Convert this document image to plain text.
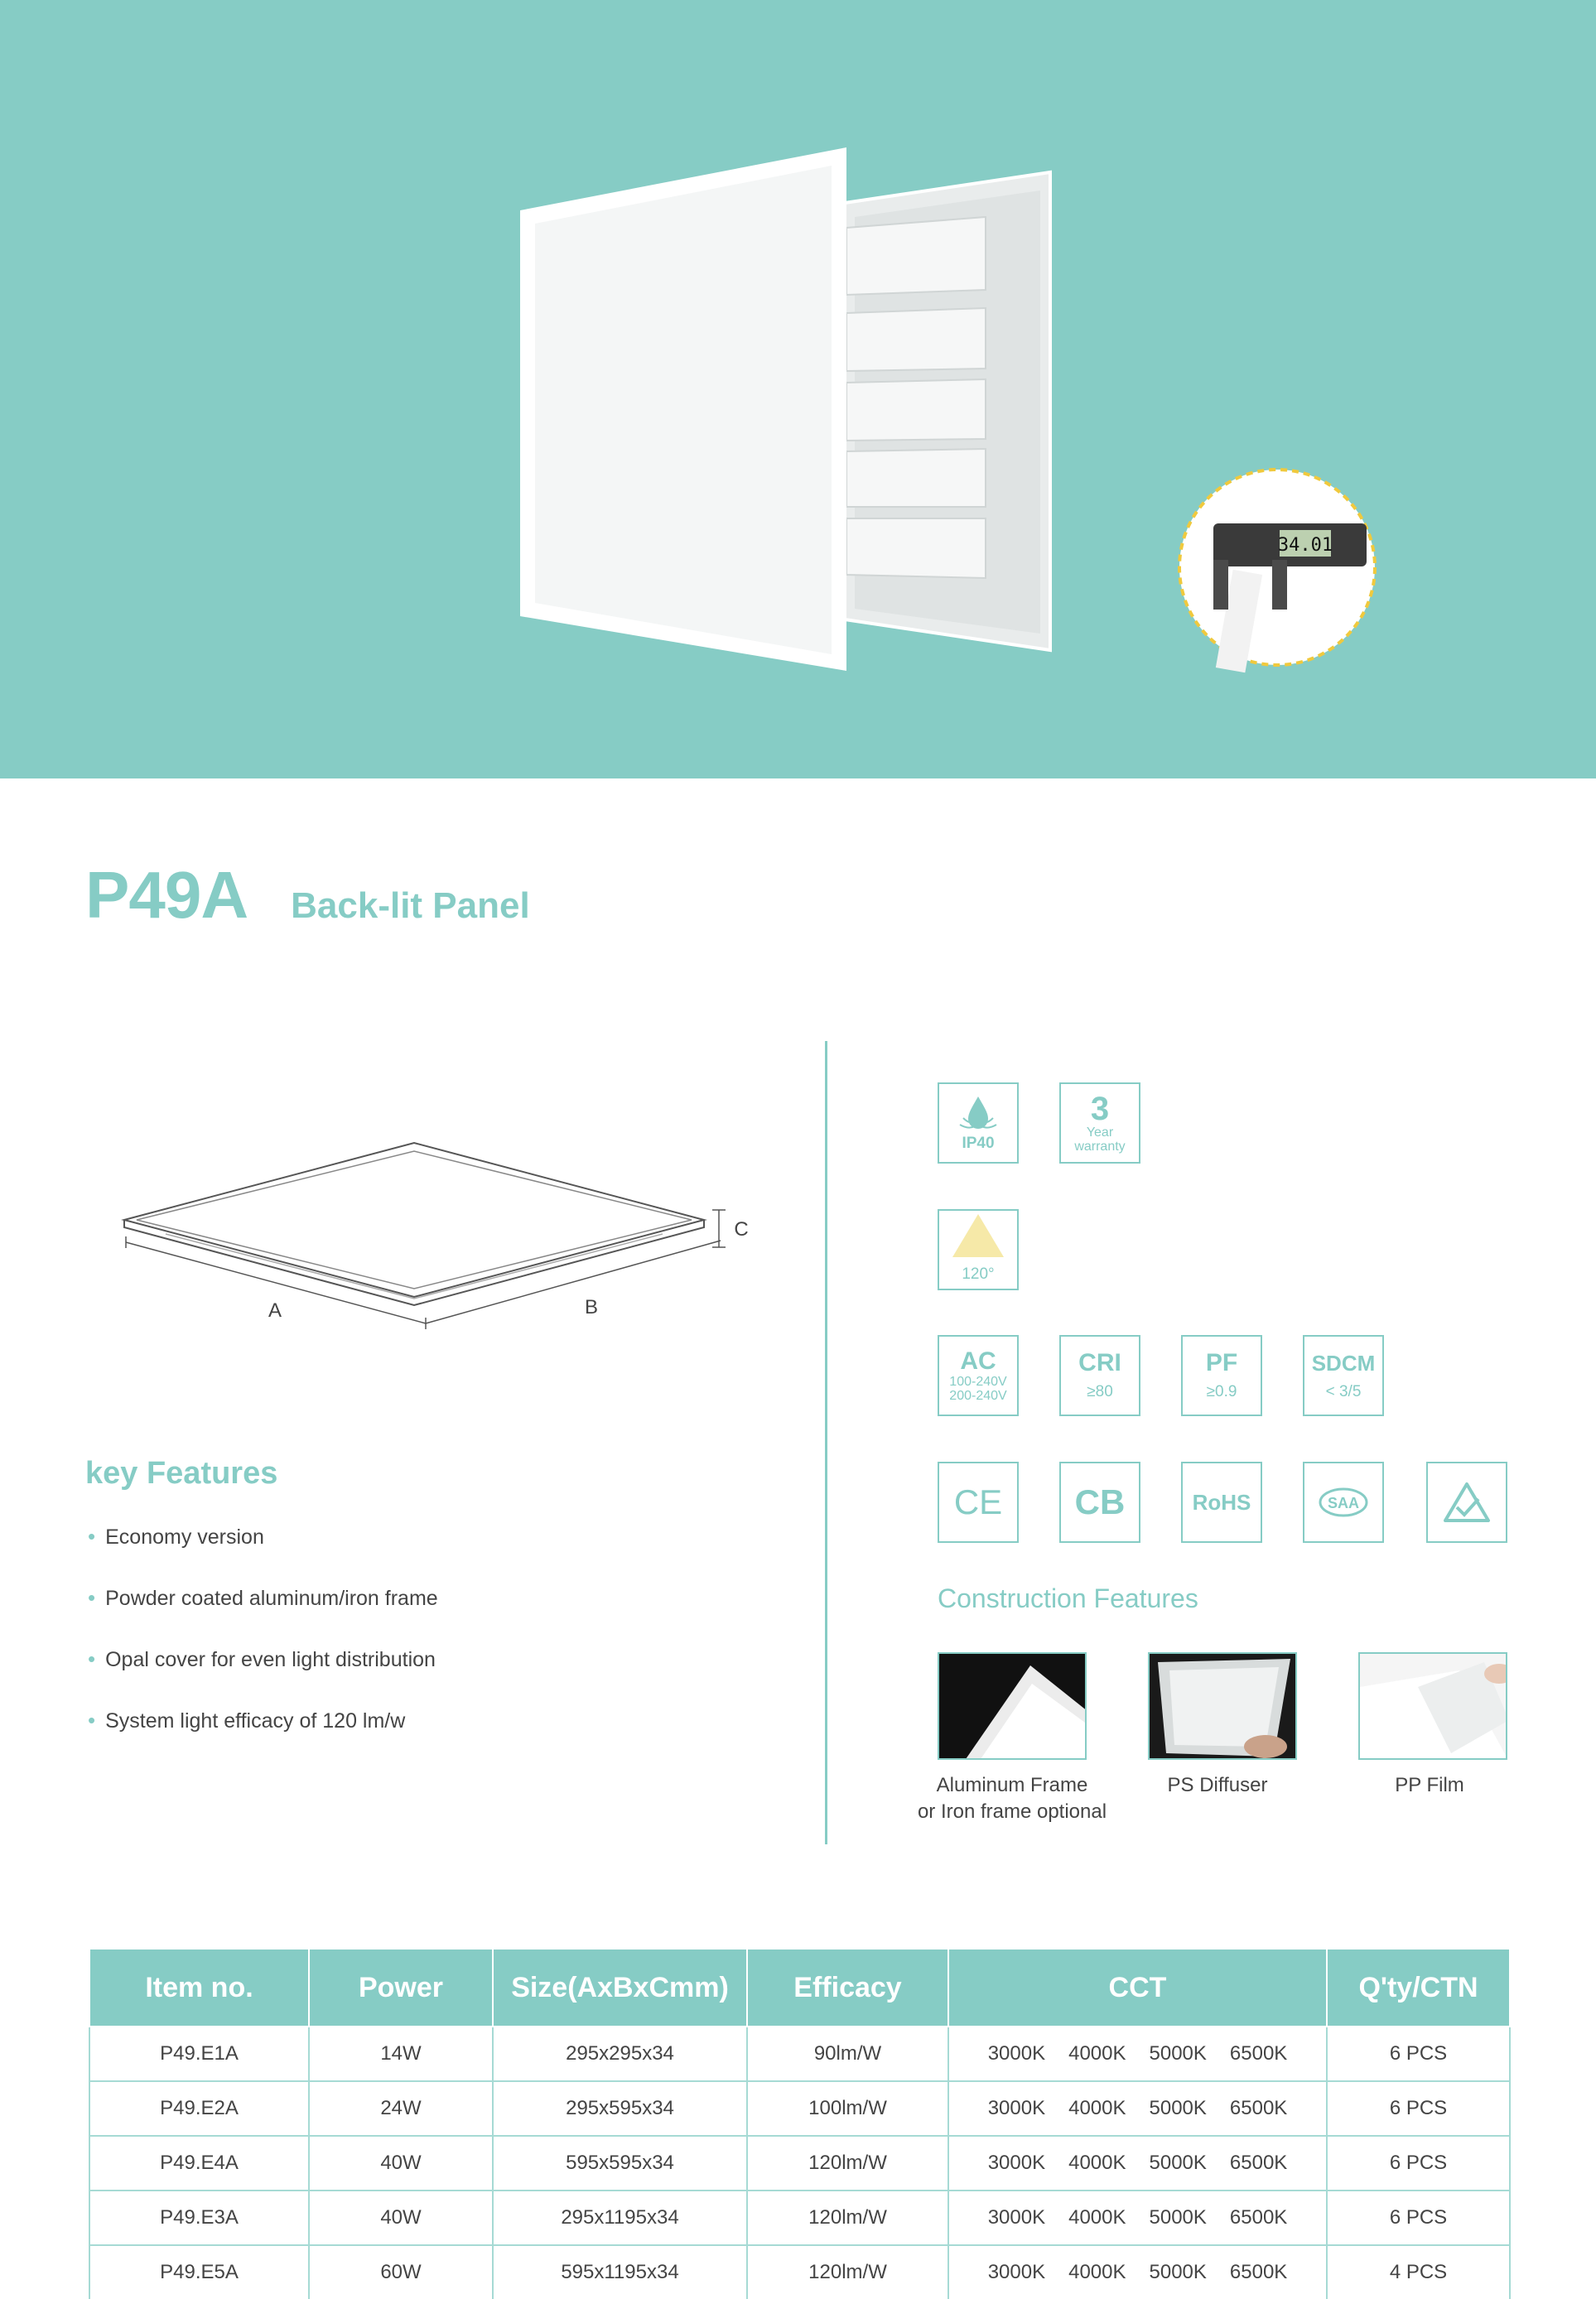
34.01
P49A Back-lit Panel
A	B
C
key Features
• Economy version
• Powder coated aluminum/iron frame
• Opal cover for even light distribution
• System light efficacy of 120 lm/w
IP40
3
Year
warranty
120°
AC
100-240V
200-240V
CRI
≥80
PF
≥0.9
SDCM
< 3/5
CE CB	RoHS	SAA
Construction Features
Aluminum Frame
or Iron frame optional
PS Diffuser	PP Film
Item no.	Power	Size(AxBxCmm)	Efficacy	CCT	Q'ty/CTN
P49.E1A	14W	295x295x34	90lm/W	3000K 4000K 5000K 6500K	6 PCS
P49.E2A	24W	295x595x34	100lm/W	3000K 4000K 5000K 6500K	6 PCS
P49.E4A	40W	595x595x34	120lm/W	3000K 4000K 5000K 6500K	6 PCS
P49.E3A	40W	295x1195x34	120lm/W	3000K 4000K 5000K 6500K	6 PCS
P49.E5A	60W	595x1195x34	120lm/W	3000K 4000K 5000K 6500K	4 PCS
